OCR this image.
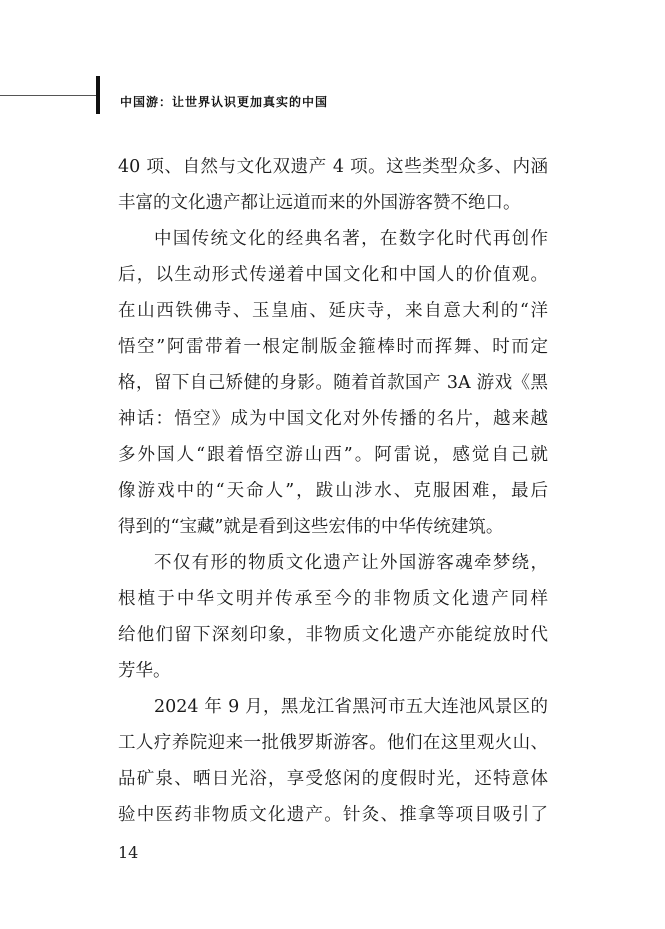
中国游：让世界认识更加真实的中国
40 项、自然与文化双遗产 4 项。这些类型众多、内涵
丰富的文化遗产都让远道而来的外国游客赞不绝口。
中国传统文化的经典名著，在数字化时代再创作
后，以生动形式传递着中国文化和中国人的价值观。
在山西铁佛寺、玉皇庙、延庆寺，来自意大利的“洋
悟空”阿雷带着一根定制版金箍棒时而挥舞、时而定
格，留下自己矫健的身影。随着首款国产 3A 游戏《黑
神话：悟空》成为中国文化对外传播的名片，越来越
多外国人“跟着悟空游山西”。阿雷说，感觉自己就
像游戏中的“天命人”，跋山涉水、克服困难，最后
得到的“宝藏”就是看到这些宏伟的中华传统建筑。
不仅有形的物质文化遗产让外国游客魂牵梦绕，
根植于中华文明并传承至今的非物质文化遗产同样
给他们留下深刻印象，非物质文化遗产亦能绽放时代
芳华。
2024 年 9 月，黑龙江省黑河市五大连池风景区的
工人疗养院迎来一批俄罗斯游客。他们在这里观火山、
品矿泉、晒日光浴，享受悠闲的度假时光，还特意体
验中医药非物质文化遗产。针灸、推拿等项目吸引了
14
